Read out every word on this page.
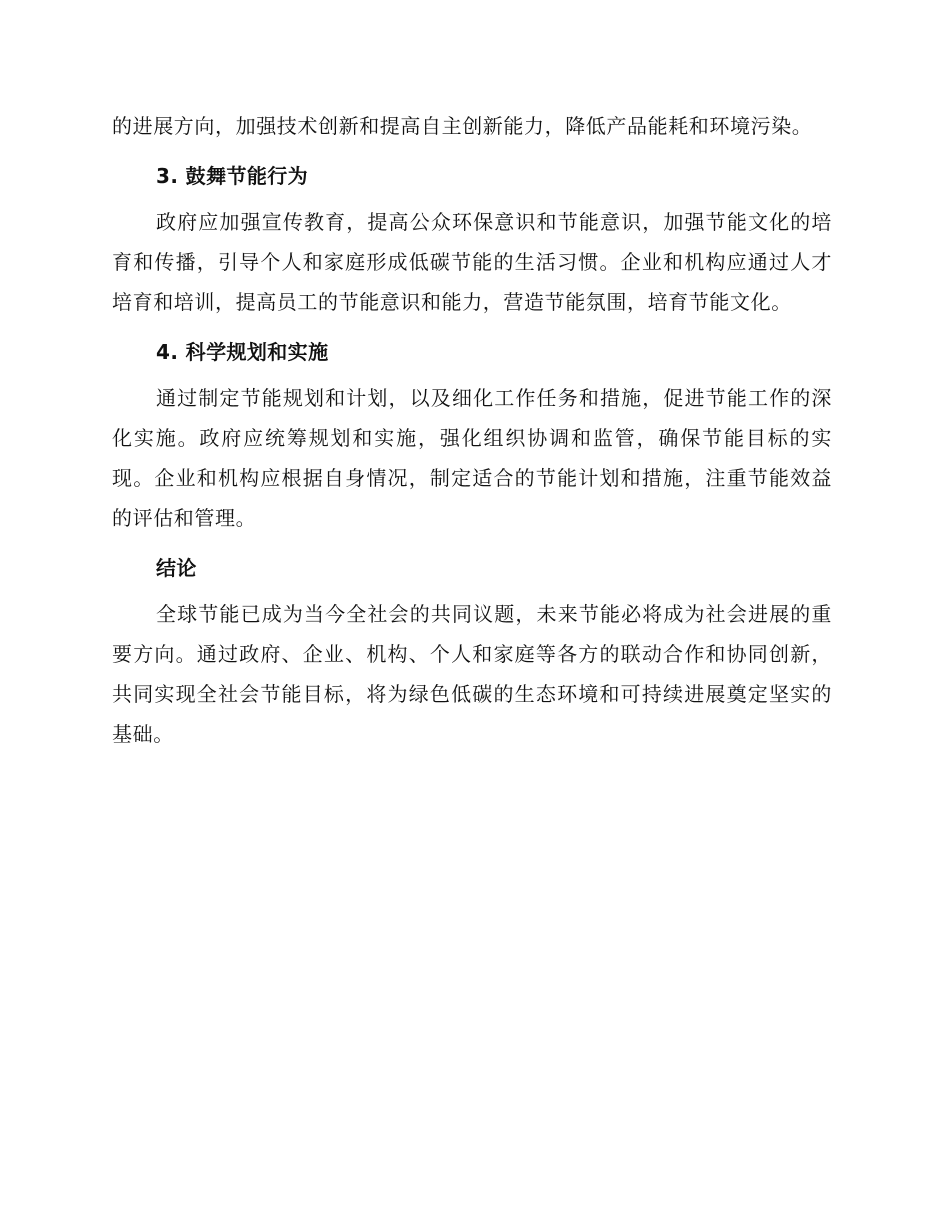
的进展方向，加强技术创新和提高自主创新能力，降低产品能耗和环境污染。

3. 鼓舞节能行为

政府应加强宣传教育，提高公众环保意识和节能意识，加强节能文化的培育和传播，引导个人和家庭形成低碳节能的生活习惯。企业和机构应通过人才培育和培训，提高员工的节能意识和能力，营造节能氛围，培育节能文化。

4. 科学规划和实施

通过制定节能规划和计划，以及细化工作任务和措施，促进节能工作的深化实施。政府应统筹规划和实施，强化组织协调和监管，确保节能目标的实现。企业和机构应根据自身情况，制定适合的节能计划和措施，注重节能效益的评估和管理。

结论

全球节能已成为当今全社会的共同议题，未来节能必将成为社会进展的重要方向。通过政府、企业、机构、个人和家庭等各方的联动合作和协同创新，共同实现全社会节能目标，将为绿色低碳的生态环境和可持续进展奠定坚实的基础。
